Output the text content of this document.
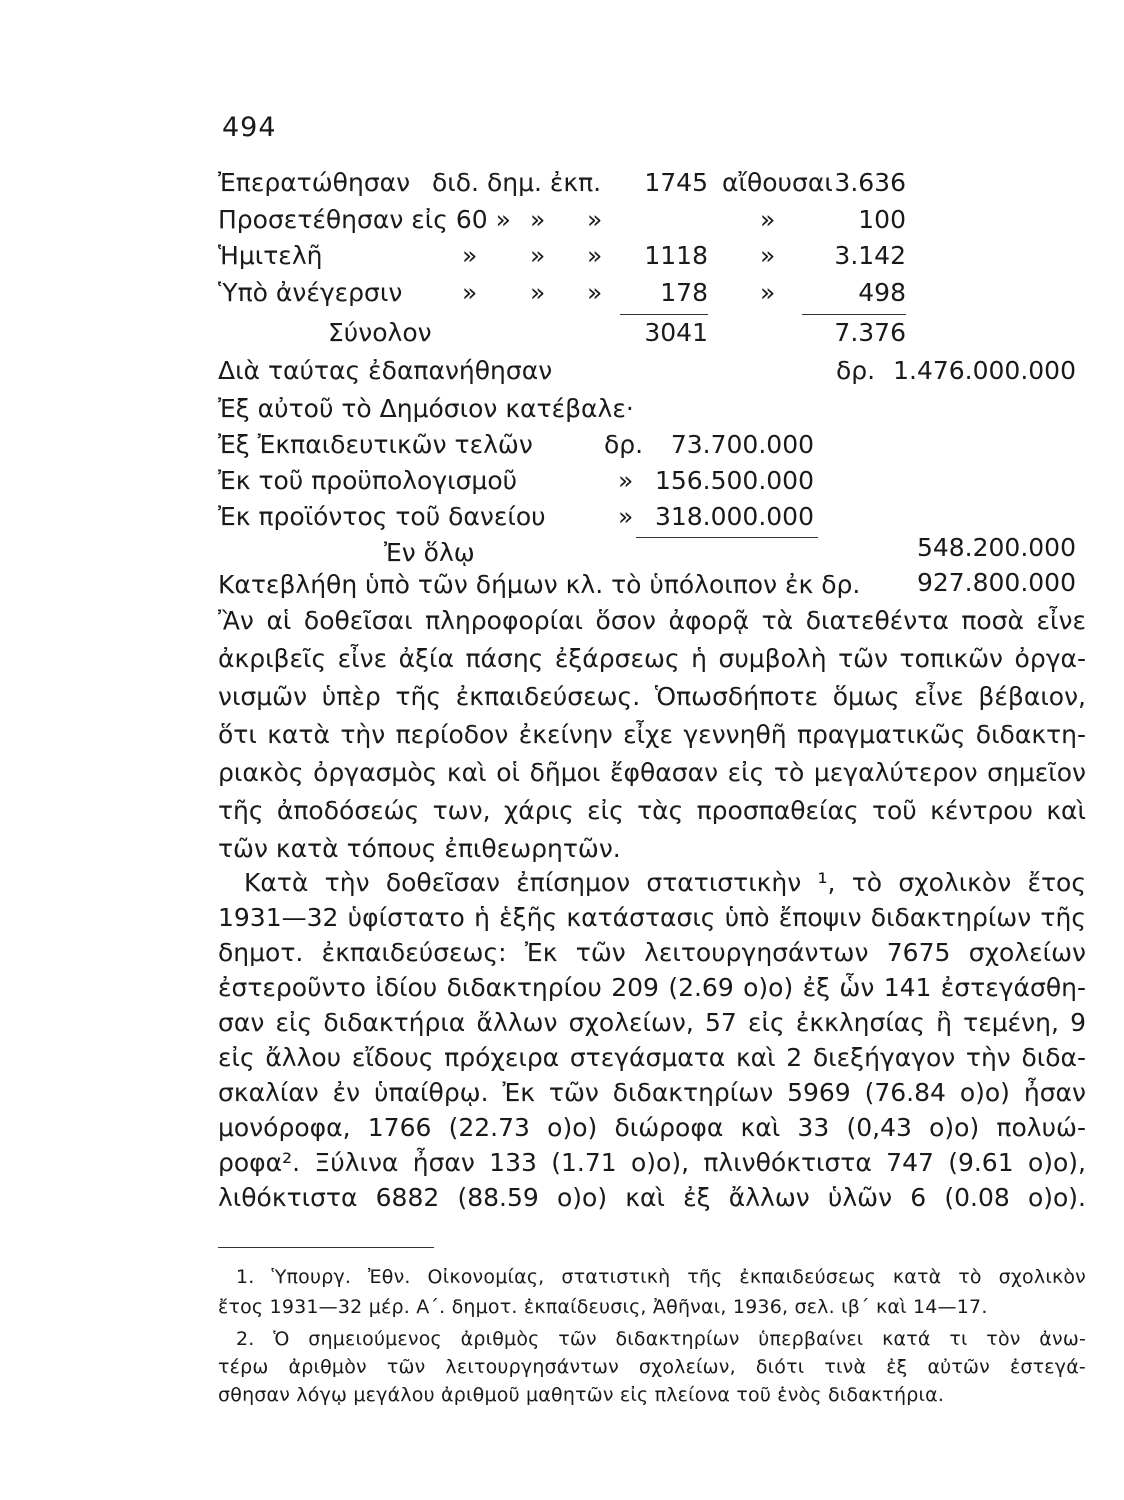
494
Ἐπερατώθησαν διδ. δημ. ἐκπ.	1745 αἴθουσαι 3.636
Προσετέθησαν εἰς 60 » » »	»	100
Ἡμιτελῆ	» » »	1118 »	3.142
Ὑπὸ ἀνέγερσιν » » »	178 »	498
Σύνολον	3041	7.376
Διὰ ταύτας ἐδαπανήθησαν	δρ. 1.476.000.000
Ἐξ αὐτοῦ τὸ Δημόσιον κατέβαλε·
Ἐξ Ἐκπαιδευτικῶν τελῶν	δρ.	73.700.000
Ἐκ τοῦ προϋπολογισμοῦ	» 156.500.000
Ἐκ προϊόντος τοῦ δανείου	» 318.000.000
Ἐν ὅλῳ	548.200.000
Κατεβλήθη ὑπὸ τῶν δήμων κλ. τὸ ὑπόλοιπον ἐκ δρ.	927.800.000
Ἂν αἱ δοθεῖσαι πληροφορίαι ὅσον ἀφορᾷ τὰ διατεθέντα ποσὰ εἶνε
ἀκριβεῖς εἶνε ἀξία πάσης ἐξάρσεως ἡ συμβολὴ τῶν τοπικῶν ὀργα-
νισμῶν ὑπὲρ τῆς ἐκπαιδεύσεως. Ὁπωσδήποτε ὅμως εἶνε βέβαιον,
ὅτι κατὰ τὴν περίοδον ἐκείνην εἶχε γεννηθῆ πραγματικῶς διδακτη-
ριακὸς ὀργασμὸς καὶ οἱ δῆμοι ἔφθασαν εἰς τὸ μεγαλύτερον σημεῖον
τῆς ἀποδόσεώς των, χάρις εἰς τὰς προσπαθείας τοῦ κέντρου καὶ
τῶν κατὰ τόπους ἐπιθεωρητῶν.
Κατὰ τὴν δοθεῖσαν ἐπίσημον στατιστικὴν ¹, τὸ σχολικὸν ἔτος
1931—32 ὑφίστατο ἡ ἑξῆς κατάστασις ὑπὸ ἔποψιν διδακτηρίων τῆς
δημοτ. ἐκπαιδεύσεως: Ἐκ τῶν λειτουργησάντων 7675 σχολείων
ἐστεροῦντο ἰδίου διδακτηρίου 209 (2.69 ο)ο) ἐξ ὧν 141 ἐστεγάσθη-
σαν εἰς διδακτήρια ἄλλων σχολείων, 57 εἰς ἐκκλησίας ἢ τεμένη, 9
εἰς ἄλλου εἴδους πρόχειρα στεγάσματα καὶ 2 διεξήγαγον τὴν διδα-
σκαλίαν ἐν ὑπαίθρῳ. Ἐκ τῶν διδακτηρίων 5969 (76.84 ο)ο) ἦσαν
μονόροφα, 1766 (22.73 ο)ο) διώροφα καὶ 33 (0,43 ο)ο) πολυώ-
ροφα². Ξύλινα ἦσαν 133 (1.71 ο)ο), πλινθόκτιστα 747 (9.61 ο)ο),
λιθόκτιστα 6882 (88.59 ο)ο) καὶ ἐξ ἄλλων ὑλῶν 6 (0.08 ο)ο).
1. Ὑπουργ. Ἐθν. Οἰκονομίας, στατιστικὴ τῆς ἐκπαιδεύσεως κατὰ τὸ σχολικὸν
ἔτος 1931—32 μέρ. Α΄. δημοτ. ἐκπαίδευσις, Ἀθῆναι, 1936, σελ. ιβ΄ καὶ 14—17.
2. Ὁ σημειούμενος ἀριθμὸς τῶν διδακτηρίων ὑπερβαίνει κατά τι τὸν ἀνω-
τέρω ἀριθμὸν τῶν λειτουργησάντων σχολείων, διότι τινὰ ἐξ αὐτῶν ἐστεγά-
σθησαν λόγῳ μεγάλου ἀριθμοῦ μαθητῶν εἰς πλείονα τοῦ ἑνὸς διδακτήρια.
